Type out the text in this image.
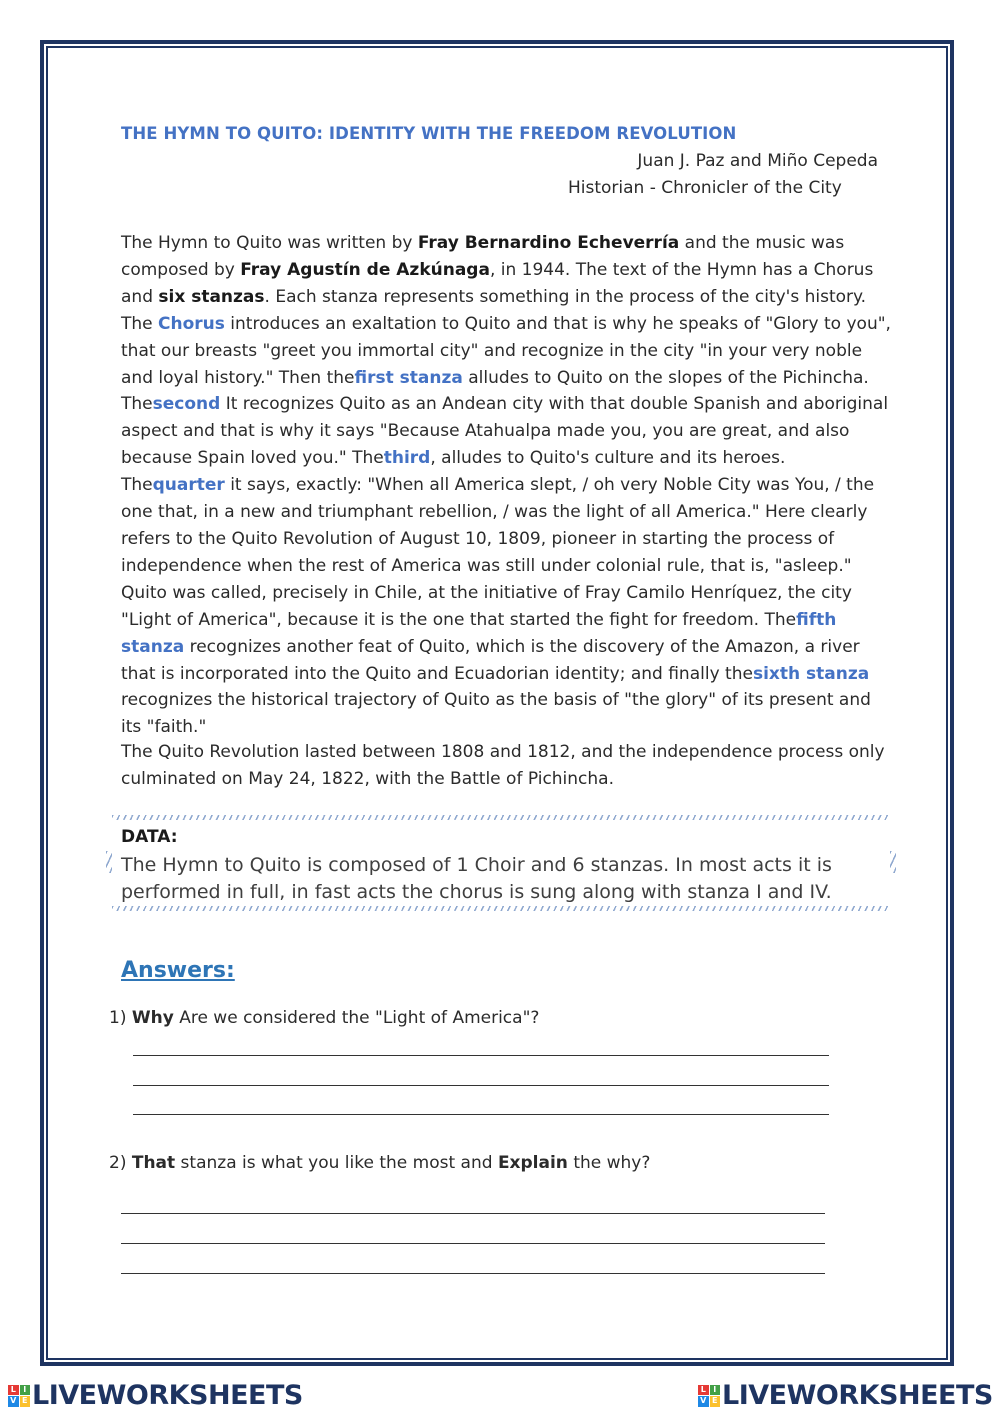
THE HYMN TO QUITO: IDENTITY WITH THE FREEDOM REVOLUTION
Juan J. Paz and Miño Cepeda
Historian - Chronicler of the City

The Hymn to Quito was written by Fray Bernardino Echeverría and the music was composed by Fray Agustín de Azkúnaga, in 1944. The text of the Hymn has a Chorus and six stanzas. Each stanza represents something in the process of the city's history. The Chorus introduces an exaltation to Quito and that is why he speaks of "Glory to you", that our breasts "greet you immortal city" and recognize in the city "in your very noble and loyal history." Then thefirst stanza alludes to Quito on the slopes of the Pichincha. Thesecond It recognizes Quito as an Andean city with that double Spanish and aboriginal aspect and that is why it says "Because Atahualpa made you, you are great, and also because Spain loved you." Thethird, alludes to Quito's culture and its heroes. Thequarter it says, exactly: "When all America slept, / oh very Noble City was You, / the one that, in a new and triumphant rebellion, / was the light of all America." Here clearly refers to the Quito Revolution of August 10, 1809, pioneer in starting the process of independence when the rest of America was still under colonial rule, that is, "asleep." Quito was called, precisely in Chile, at the initiative of Fray Camilo Henríquez, the city "Light of America", because it is the one that started the fight for freedom. Thefifth stanza recognizes another feat of Quito, which is the discovery of the Amazon, a river that is incorporated into the Quito and Ecuadorian identity; and finally thesixth stanza recognizes the historical trajectory of Quito as the basis of "the glory" of its present and its "faith."

The Quito Revolution lasted between 1808 and 1812, and the independence process only culminated on May 24, 1822, with the Battle of Pichincha.

DATA:
The Hymn to Quito is composed of 1 Choir and 6 stanzas. In most acts it is performed in full, in fast acts the chorus is sung along with stanza I and IV.
Answers:
1) Why Are we considered the "Light of America"?
2) That stanza is what you like the most and Explain the why?
L I
V E LIVEWORKSHEETS	L I
V E LIVEWORKSHEETS
